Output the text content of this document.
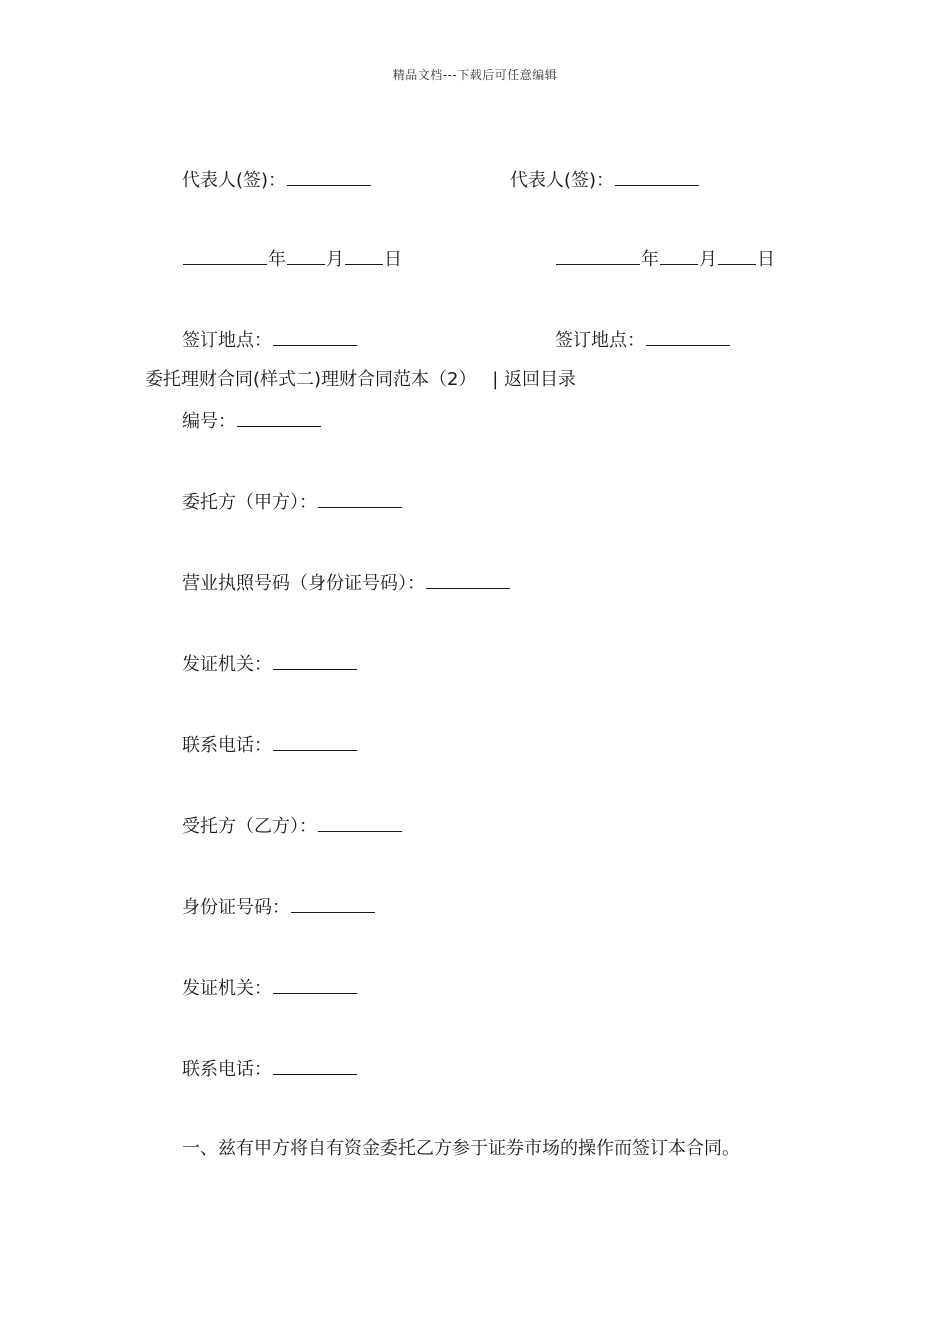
精品文档---下载后可任意编辑
代表人(签)：
年 月 日
签订地点：
代表人(签)：
年 月 日
签订地点：
委托理财合同(样式二)理财合同范本（2） | 返回目录
编号：
委托方（甲方）：
营业执照号码（身份证号码）：
发证机关：
联系电话：
受托方（乙方）：
身份证号码：
发证机关：
联系电话：
一、兹有甲方将自有资金委托乙方参于证券市场的操作而签订本合同。
